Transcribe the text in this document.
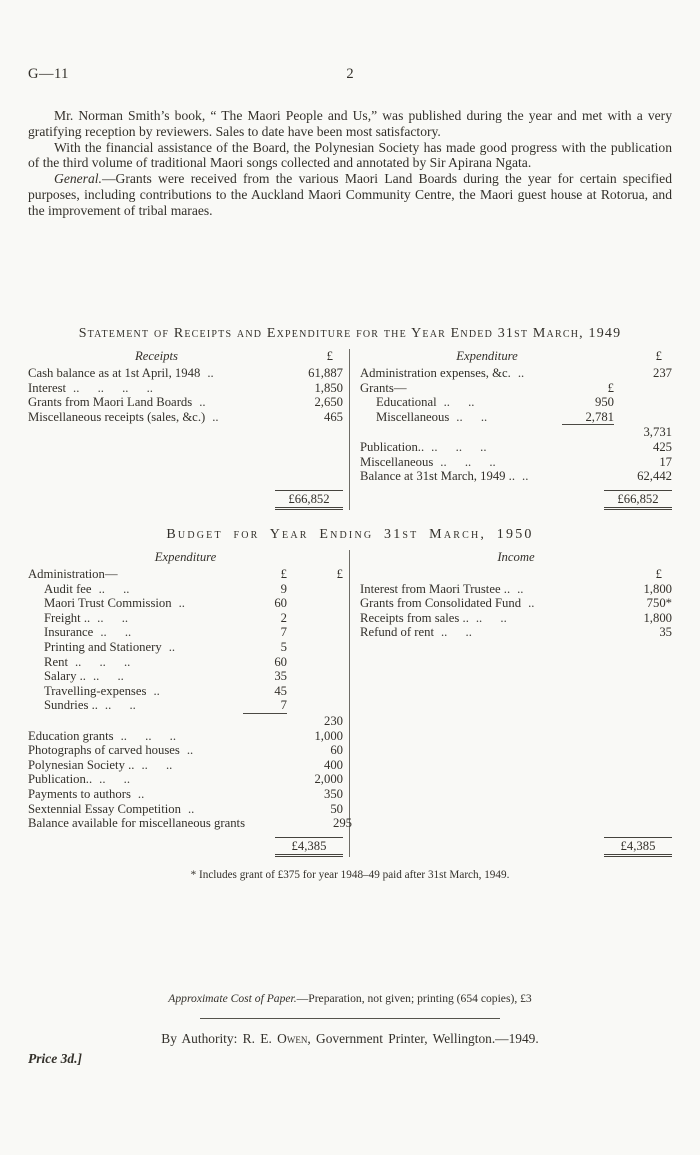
G—11	2

Mr. Norman Smith’s book, “ The Maori People and Us,” was published during the year and met with a very gratifying reception by reviewers. Sales to date have been most satisfactory.

With the financial assistance of the Board, the Polynesian Society has made good progress with the publication of the third volume of traditional Maori songs collected and annotated by Sir Apirana Ngata.

General.—Grants were received from the various Maori Land Boards during the year for certain specified purposes, including contributions to the Auckland Maori Community Centre, the Maori guest house at Rotorua, and the improvement of tribal maraes.

Statement of Receipts and Expenditure for the Year Ended 31st March, 1949
Receipts	£
Cash balance as at 1st April, 1948 ..	61,887
Interest .. .. .. ..	1,850
Grants from Maori Land Boards ..	2,650
Miscellaneous receipts (sales, &c.) ..	465
£66,852
Expenditure	£
Administration expenses, &c. ..	237
Grants—	£
Educational .. ..	950
Miscellaneous .. ..	2,781
3,731
Publication.. .. .. ..	425
Miscellaneous .. .. ..	17
Balance at 31st March, 1949 .. ..	62,442
£66,852
Budget for Year Ending 31st March, 1950
Expenditure
Administration—	£	£
Audit fee .. ..	9
Maori Trust Commission ..	60
Freight .. .. ..	2
Insurance .. ..	7
Printing and Stationery ..	5
Rent .. .. ..	60
Salary .. .. ..	35
Travelling-expenses ..	45
Sundries .. .. ..	7
230
Education grants .. .. ..	1,000
Photographs of carved houses ..	60
Polynesian Society .. .. ..	400
Publication.. .. ..	2,000
Payments to authors ..	350
Sextennial Essay Competition ..	50
Balance available for miscellaneous grants	295
£4,385
Income
£
Interest from Maori Trustee .. ..	1,800
Grants from Consolidated Fund ..	750*
Receipts from sales .. .. ..	1,800
Refund of rent .. ..	35
£4,385
* Includes grant of £375 for year 1948–49 paid after 31st March, 1949.
Approximate Cost of Paper.—Preparation, not given; printing (654 copies), £3
By Authority: R. E. Owen, Government Printer, Wellington.—1949.
Price 3d.]
